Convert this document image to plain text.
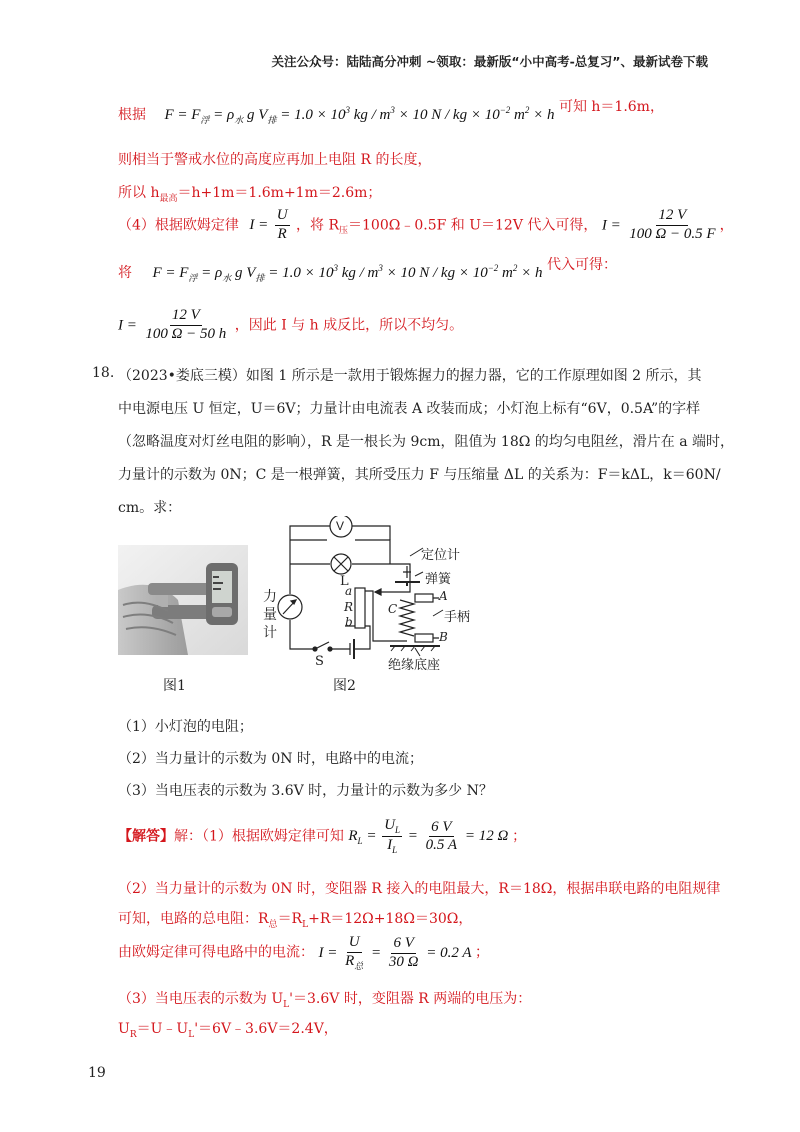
关注公众号：陆陆高分冲刺 ~领取：最新版“小中高考-总复习”、最新试卷下载
根据 $F = F_浮 = \rho_水$ g $V_排 = 1.0 \times 10^3$ kg / $m^3 \times 10$ N / kg × $10^{-2}$ $m^2 \times h$ 可知 h＝1.6m，
则相当于警戒水位的高度应再加上电阻 R 的长度，
所以 $h_{最高}=h+1m=1.6m+1m=2.6m$；
（4）根据欧姆定律 $I = \frac{U}{R}$ ，将 $R_压=100\Omega﹣0.5F$ 和 U＝12V 代入可得， $I = \frac{12 V}{100 \Omega - 0.5 F}$ ，
将 $F = F_浮 = \rho_水$ g $V_排 = 1.0 \times 10^3$ kg / $m^3 \times 10$ N / kg × $10^{-2}$ $m^2 \times h$ 代入可得：
$I = \frac{12 V}{100 \Omega - 50 h}$ ，因此 I 与 h 成反比，所以不均匀。
18. （2023•娄底三模）如图 1 所示是一款用于锻炼握力的握力器，它的工作原理如图 2 所示，其
中电源电压 U 恒定，U＝6V；力量计由电流表 A 改装而成；小灯泡上标有“6V，0.5A”的字样
（忽略温度对灯丝电阻的影响），R 是一根长为 9cm，阻值为 18Ω 的均匀电阻丝，滑片在 a 端时，
力量计的示数为 0N；C 是一根弹簧，其所受压力 F 与压缩量 ΔL 的关系为：F＝kΔL，k＝60N/
cm。求：
图1
V
L
力
量
计
S
a
R
b
C
A
B
定位计
弹簧
手柄
绝缘底座
图2
（1）小灯泡的电阻；
（2）当力量计的示数为 0N 时，电路中的电流；
（3）当电压表的示数为 3.6V 时，力量计的示数为多少 N？
【解答】解：（1）根据欧姆定律可知 $R_L = \frac{U_L}{I_L} = \frac{6 V}{0.5 A} = 12$ Ω ；
（2）当力量计的示数为 0N 时，变阻器 R 接入的电阻最大，R＝18Ω，根据串联电路的电阻规律
可知，电路的总电阻：$R_总=R_L+R=12\Omega+18\Omega=30\Omega$，
由欧姆定律可得电路中的电流： $I = \frac{U}{R_总} = \frac{6 V}{30 \Omega} = 0.2$ A ；
（3）当电压表的示数为 $U_L'=3.6V$ 时，变阻器 R 两端的电压为：
$U_R=U﹣U_L'=6V﹣3.6V=2.4V$，
19
